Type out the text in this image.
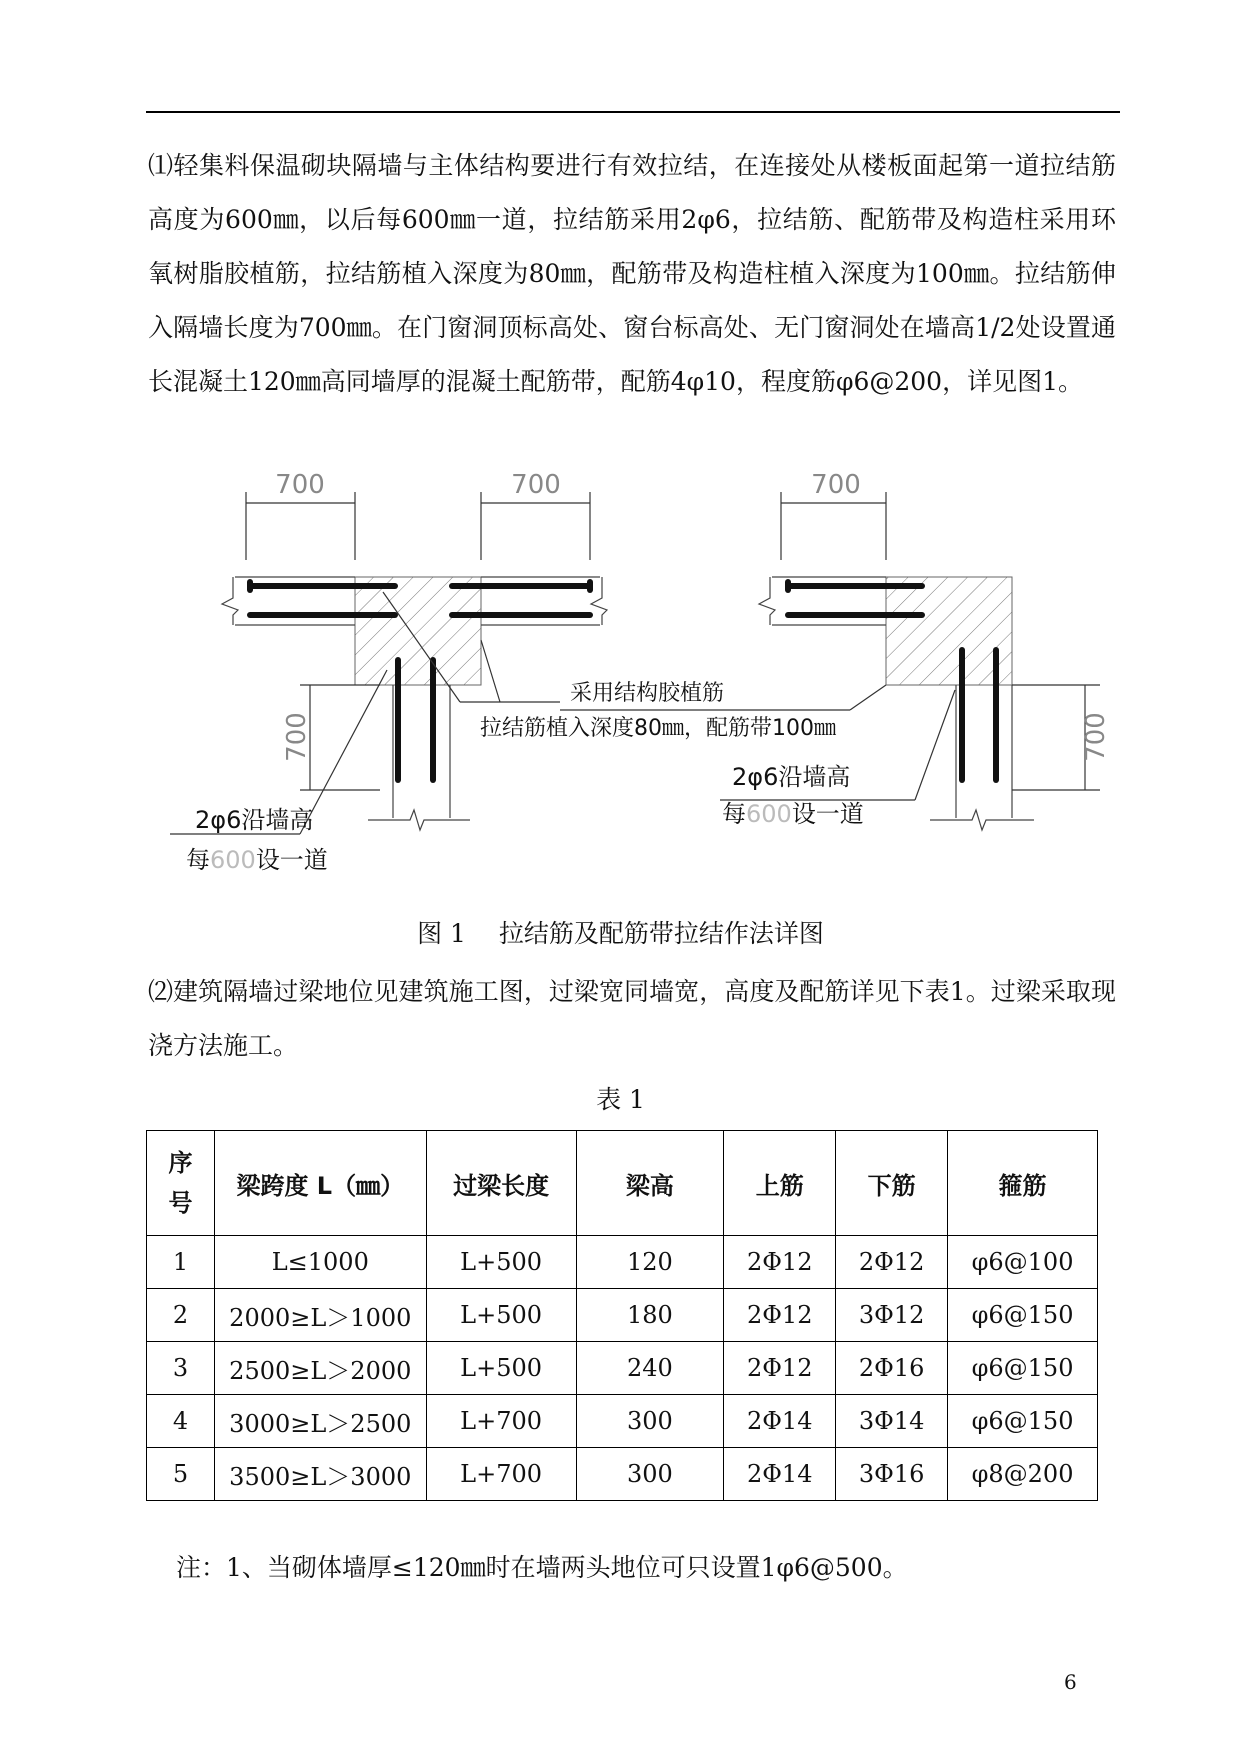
⑴轻集料保温砌块隔墙与主体结构要进行有效拉结，在连接处从楼板面起第一道拉结筋高度为600㎜，以后每600㎜一道，拉结筋采用2φ6，拉结筋、配筋带及构造柱采用环氧树脂胶植筋，拉结筋植入深度为80㎜，配筋带及构造柱植入深度为100㎜。拉结筋伸入隔墙长度为700㎜。在门窗洞顶标高处、窗台标高处、无门窗洞处在墙高1/2处设置通长混凝土120㎜高同墙厚的混凝土配筋带，配筋4φ10，程度筋φ6@200，详见图1。

700	700
700
2φ6沿墙高
每600设一道
700
700
2φ6沿墙高
每600设一道
采用结构胶植筋
拉结筋植入深度80㎜，配筋带100㎜
图 1　 拉结筋及配筋带拉结作法详图

⑵建筑隔墙过梁地位见建筑施工图，过梁宽同墙宽，高度及配筋详见下表1。过梁采取现浇方法施工。

表 1
序
号	梁跨度 L（㎜）	过梁长度	梁高	上筋	下筋	箍筋
1	L≤1000	L+500	120	2Φ12	2Φ12	φ6@100
2	2000≥L＞1000	L+500	180	2Φ12	3Φ12	φ6@150
3	2500≥L＞2000	L+500	240	2Φ12	2Φ16	φ6@150
4	3000≥L＞2500	L+700	300	2Φ14	3Φ14	φ6@150
5	3500≥L＞3000	L+700	300	2Φ14	3Φ16	φ8@200
注：1、当砌体墙厚≤120㎜时在墙两头地位可只设置1φ6@500。
6
